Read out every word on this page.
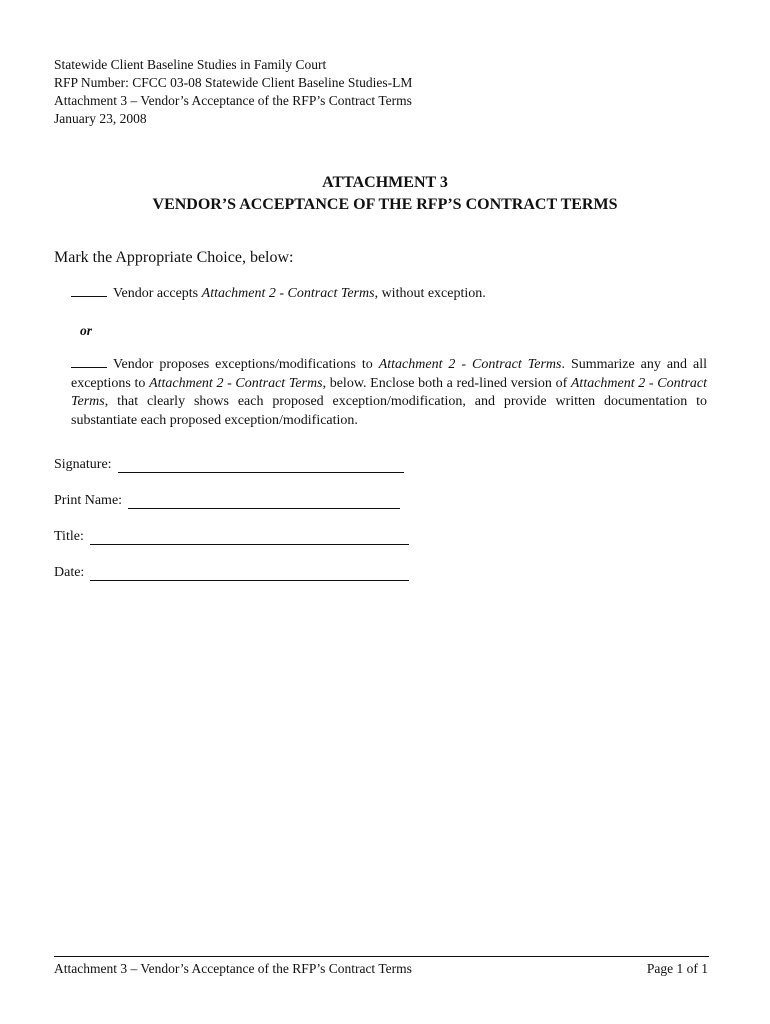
Statewide Client Baseline Studies in Family Court
RFP Number: CFCC 03-08 Statewide Client Baseline Studies-LM
Attachment 3 – Vendor’s Acceptance of the RFP’s Contract Terms
January 23, 2008
ATTACHMENT 3
VENDOR’S ACCEPTANCE OF THE RFP’S CONTRACT TERMS
Mark the Appropriate Choice, below:
Vendor accepts Attachment 2 - Contract Terms, without exception.
or
Vendor proposes exceptions/modifications to Attachment 2 - Contract Terms. Summarize any and all exceptions to Attachment 2 - Contract Terms, below. Enclose both a red-lined version of Attachment 2 - Contract Terms, that clearly shows each proposed exception/modification, and provide written documentation to substantiate each proposed exception/modification.
Signature:
Print Name:
Title:
Date:
Attachment 3 – Vendor’s Acceptance of the RFP’s Contract Terms	Page 1 of 1
